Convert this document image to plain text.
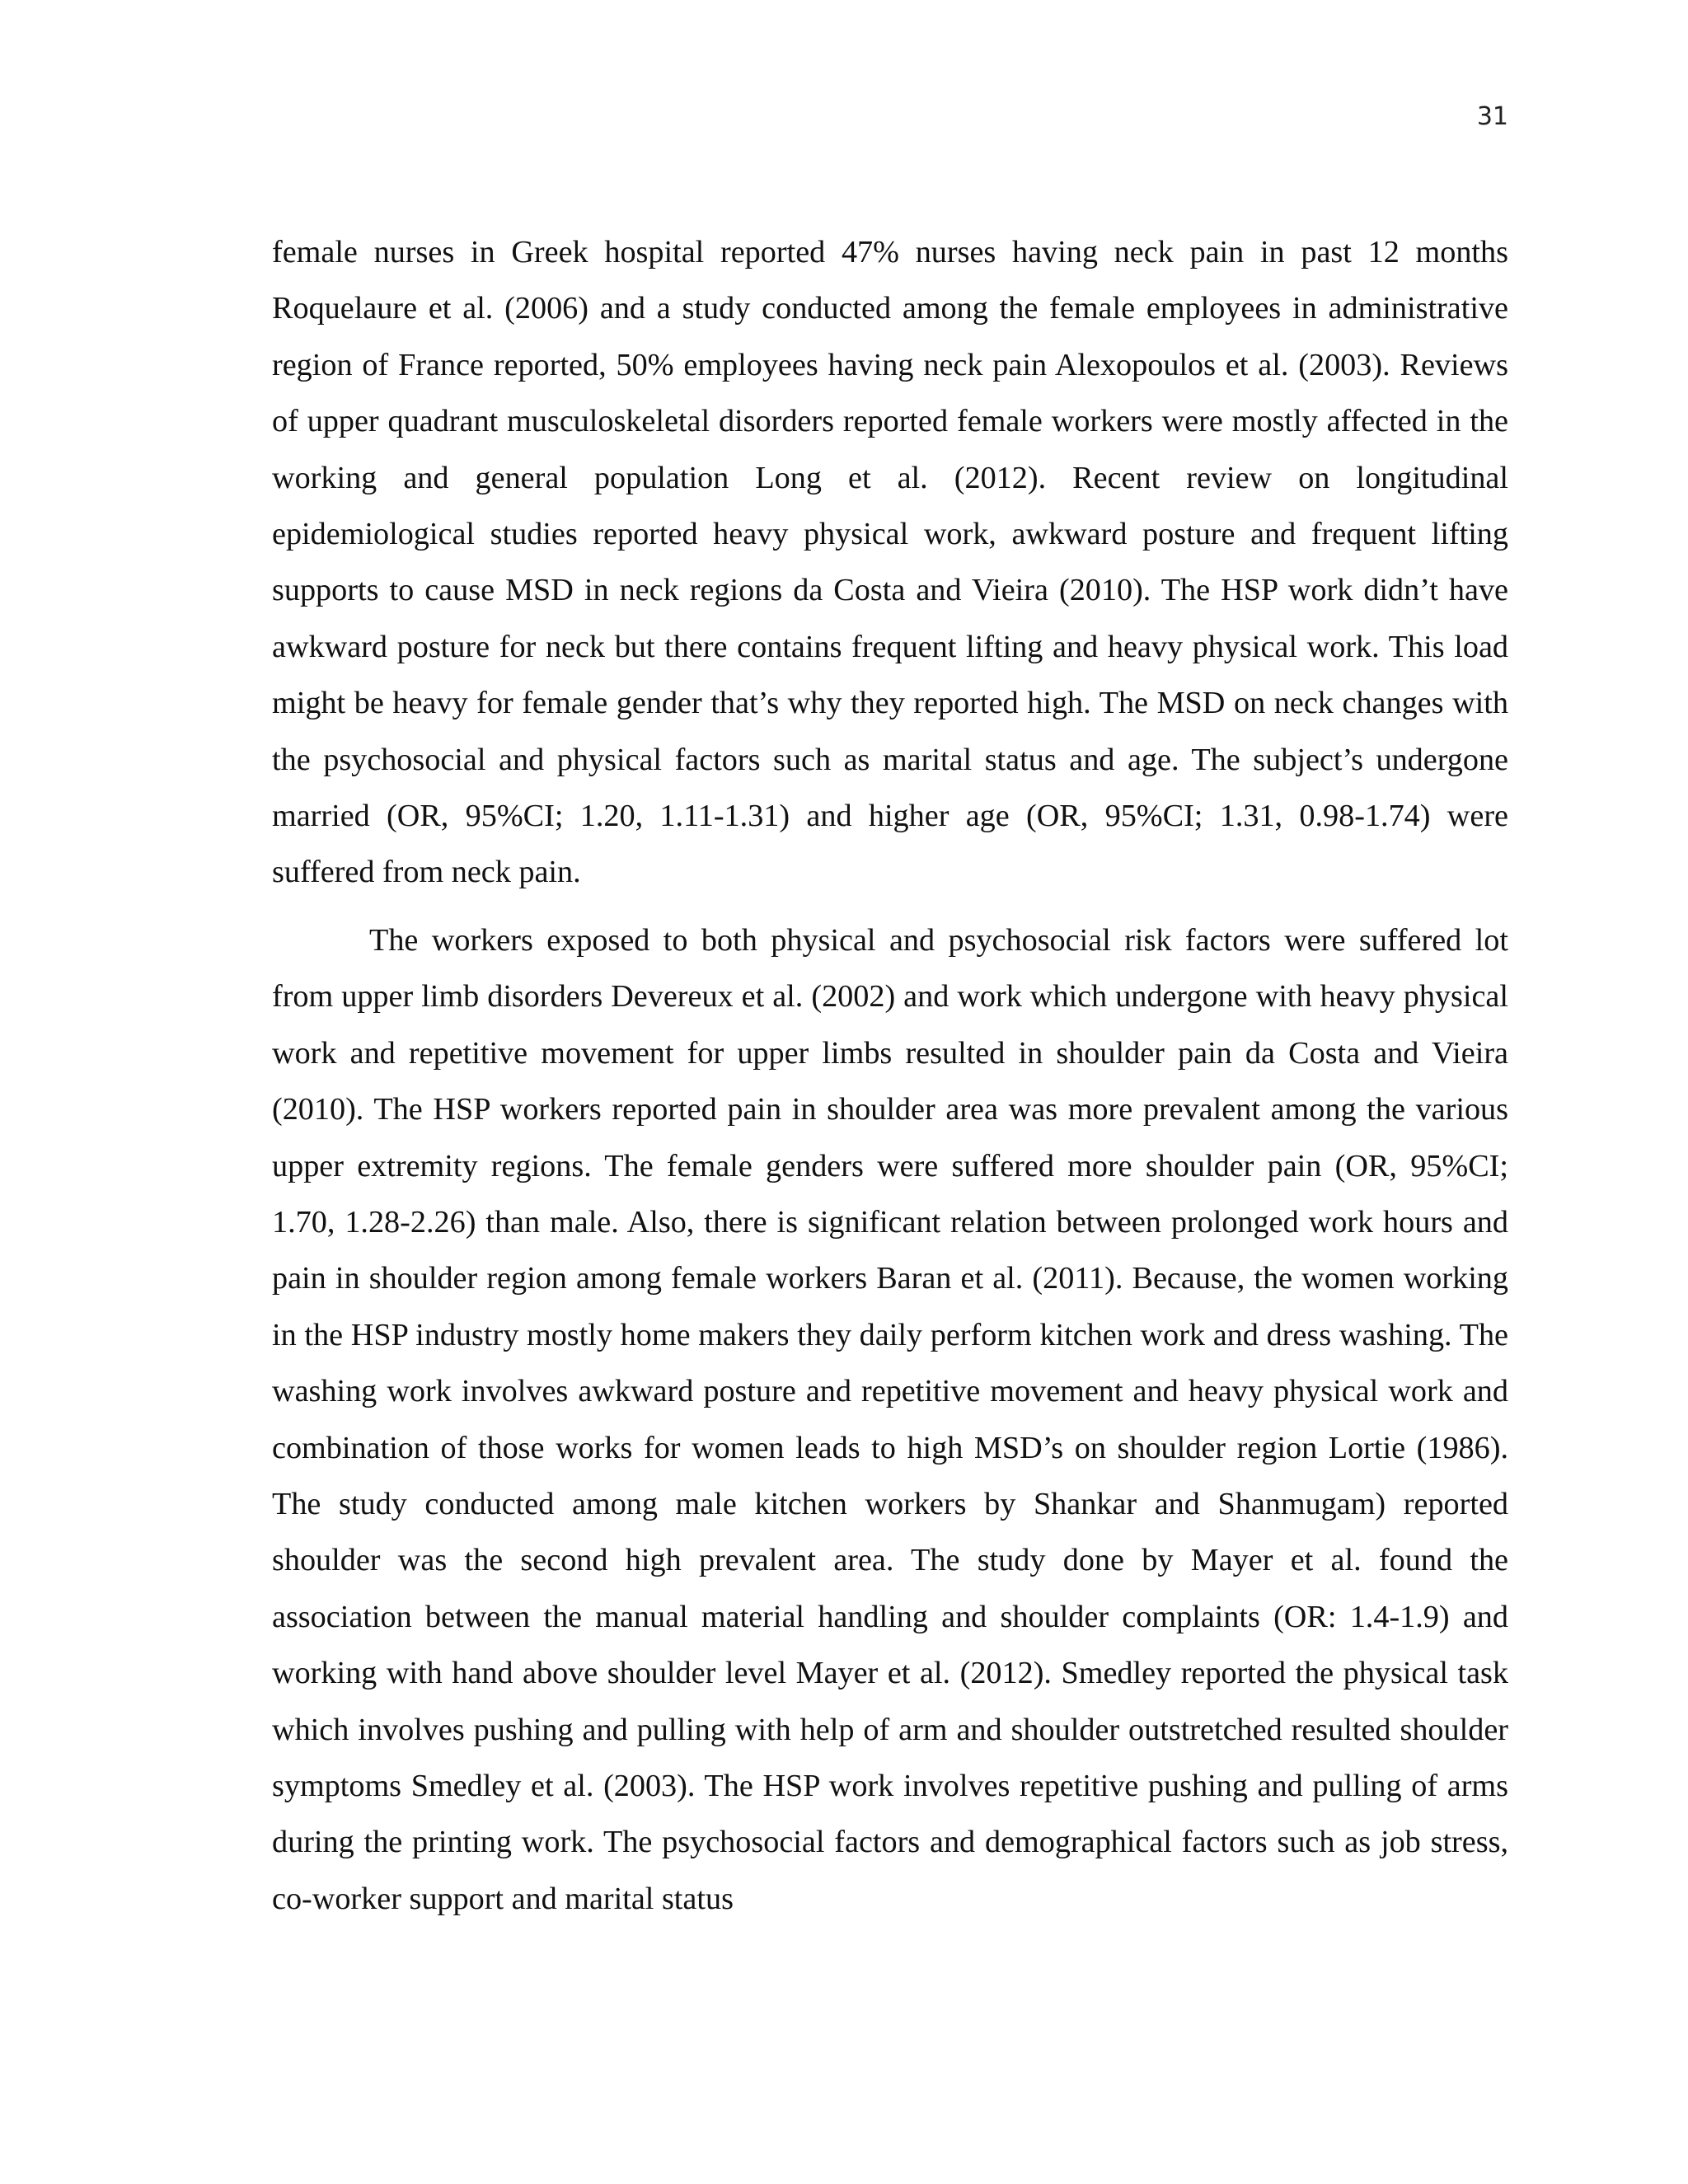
31

female nurses in Greek hospital reported 47% nurses having neck pain in past 12 months Roquelaure et al. (2006) and a study conducted among the female employees in administrative region of France reported, 50% employees having neck pain Alexopoulos et al. (2003). Reviews of upper quadrant musculoskeletal disorders reported female workers were mostly affected in the working and general population Long et al. (2012). Recent review on longitudinal epidemiological studies reported heavy physical work, awkward posture and frequent lifting supports to cause MSD in neck regions da Costa and Vieira (2010). The HSP work didn’t have awkward posture for neck but there contains frequent lifting and heavy physical work. This load might be heavy for female gender that’s why they reported high. The MSD on neck changes with the psychosocial and physical factors such as marital status and age. The subject’s undergone married (OR, 95%CI; 1.20, 1.11-1.31) and higher age (OR, 95%CI; 1.31, 0.98-1.74) were suffered from neck pain.

The workers exposed to both physical and psychosocial risk factors were suffered lot from upper limb disorders Devereux et al. (2002) and work which undergone with heavy physical work and repetitive movement for upper limbs resulted in shoulder pain da Costa and Vieira (2010). The HSP workers reported pain in shoulder area was more prevalent among the various upper extremity regions. The female genders were suffered more shoulder pain (OR, 95%CI; 1.70, 1.28-2.26) than male. Also, there is significant relation between prolonged work hours and pain in shoulder region among female workers Baran et al. (2011). Because, the women working in the HSP industry mostly home makers they daily perform kitchen work and dress washing. The washing work involves awkward posture and repetitive movement and heavy physical work and combination of those works for women leads to high MSD’s on shoulder region Lortie (1986). The study conducted among male kitchen workers by Shankar and Shanmugam) reported shoulder was the second high prevalent area. The study done by Mayer et al. found the association between the manual material handling and shoulder complaints (OR: 1.4-1.9) and working with hand above shoulder level Mayer et al. (2012). Smedley reported the physical task which involves pushing and pulling with help of arm and shoulder outstretched resulted shoulder symptoms Smedley et al. (2003). The HSP work involves repetitive pushing and pulling of arms during the printing work. The psychosocial factors and demographical factors such as job stress, co-worker support and marital status
